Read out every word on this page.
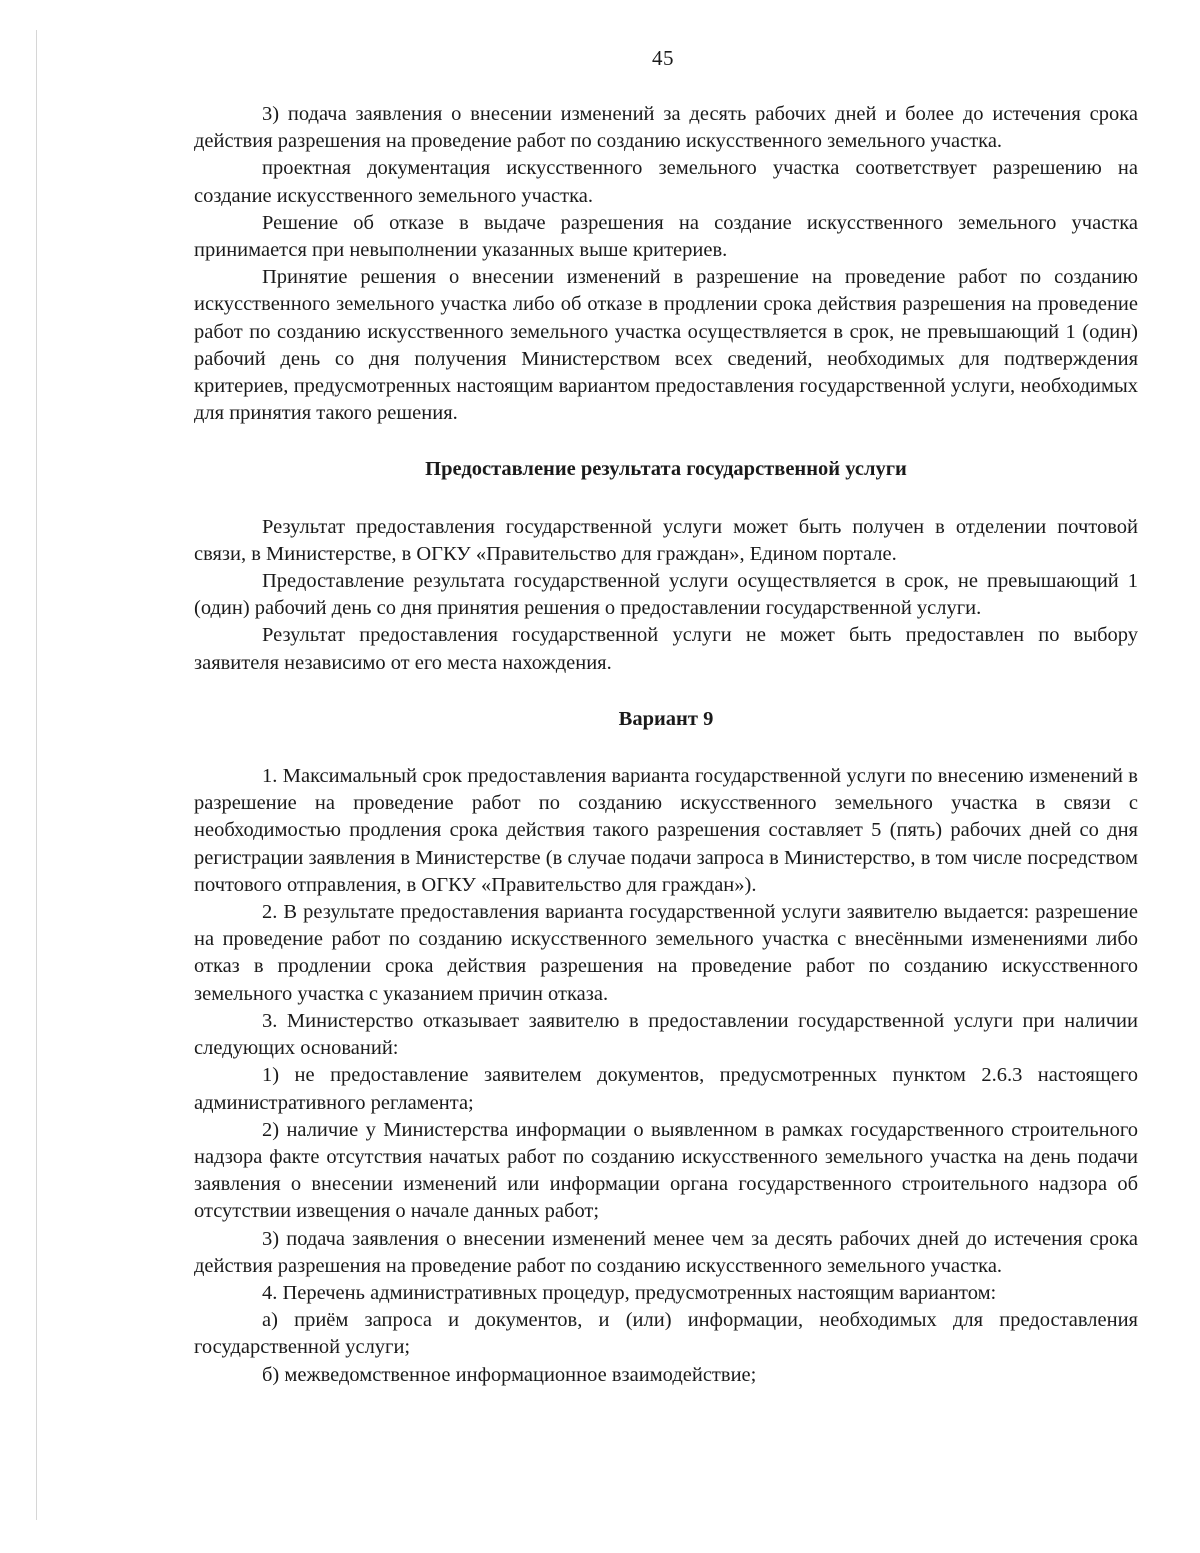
45

3) подача заявления о внесении изменений за десять рабочих дней и более до истечения срока действия разрешения на проведение работ по созданию искусственного земельного участка.

проектная документация искусственного земельного участка соответствует разрешению на создание искусственного земельного участка.

Решение об отказе в выдаче разрешения на создание искусственного земельного участка принимается при невыполнении указанных выше критериев.

Принятие решения о внесении изменений в разрешение на проведение работ по созданию искусственного земельного участка либо об отказе в продлении срока действия разрешения на проведение работ по созданию искусственного земельного участка осуществляется в срок, не превышающий 1 (один) рабочий день со дня получения Министерством всех сведений, необходимых для подтверждения критериев, предусмотренных настоящим вариантом предоставления государственной услуги, необходимых для принятия такого решения.

Предоставление результата государственной услуги

Результат предоставления государственной услуги может быть получен в отделении почтовой связи, в Министерстве, в ОГКУ «Правительство для граждан», Едином портале.

Предоставление результата государственной услуги осуществляется в срок, не превышающий 1 (один) рабочий день со дня принятия решения о предоставлении государственной услуги.

Результат предоставления государственной услуги не может быть предоставлен по выбору заявителя независимо от его места нахождения.

Вариант 9

1. Максимальный срок предоставления варианта государственной услуги по внесению изменений в разрешение на проведение работ по созданию искусственного земельного участка в связи с необходимостью продления срока действия такого разрешения составляет 5 (пять) рабочих дней со дня регистрации заявления в Министерстве (в случае подачи запроса в Министерство, в том числе посредством почтового отправления, в ОГКУ «Правительство для граждан»).

2. В результате предоставления варианта государственной услуги заявителю выдается: разрешение на проведение работ по созданию искусственного земельного участка с внесёнными изменениями либо отказ в продлении срока действия разрешения на проведение работ по созданию искусственного земельного участка с указанием причин отказа.

3. Министерство отказывает заявителю в предоставлении государственной услуги при наличии следующих оснований:

1) не предоставление заявителем документов, предусмотренных пунктом 2.6.3 настоящего административного регламента;

2) наличие у Министерства информации о выявленном в рамках государственного строительного надзора факте отсутствия начатых работ по созданию искусственного земельного участка на день подачи заявления о внесении изменений или информации органа государственного строительного надзора об отсутствии извещения о начале данных работ;

3) подача заявления о внесении изменений менее чем за десять рабочих дней до истечения срока действия разрешения на проведение работ по созданию искусственного земельного участка.

4. Перечень административных процедур, предусмотренных настоящим вариантом:

а) приём запроса и документов, и (или) информации, необходимых для предоставления государственной услуги;

б) межведомственное информационное взаимодействие;
